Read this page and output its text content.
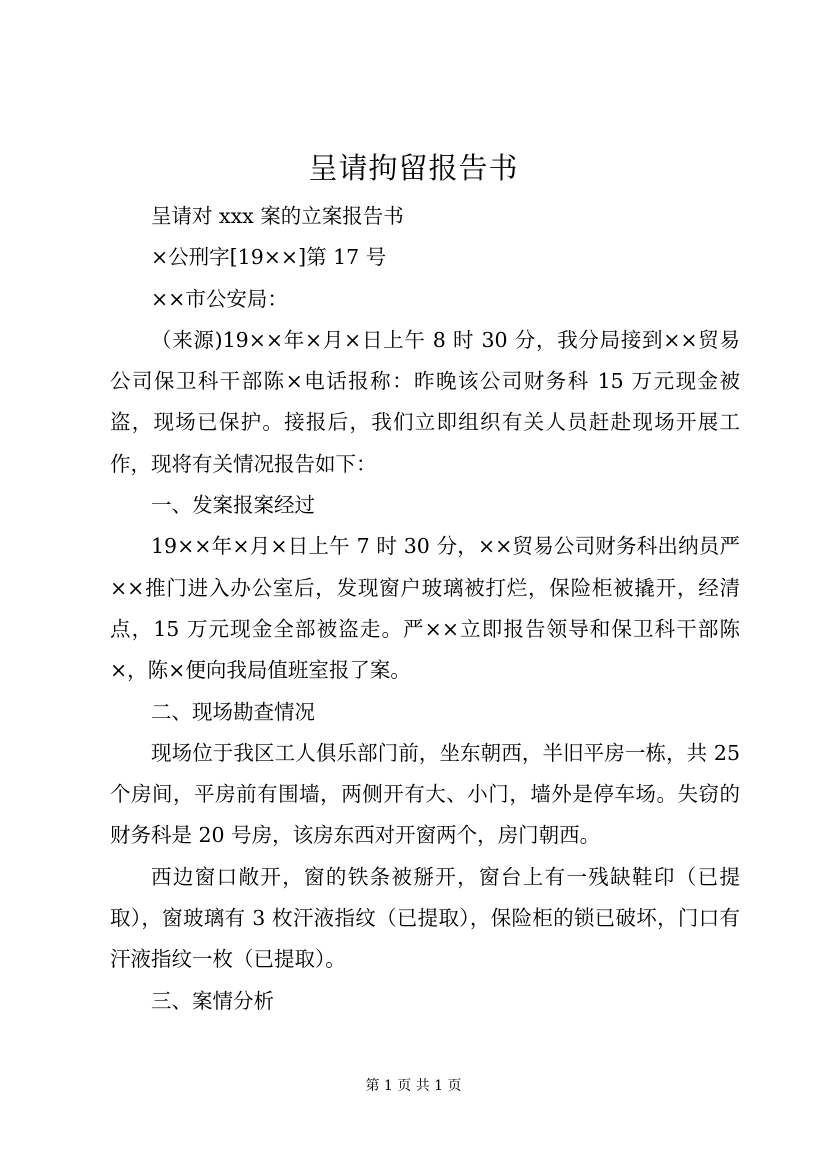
呈请拘留报告书

呈请对 xxx 案的立案报告书

×公刑字[19××]第 17 号

××市公安局：

（来源)19××年×月×日上午 8 时 30 分，我分局接到××贸易公司保卫科干部陈×电话报称：昨晚该公司财务科 15 万元现金被盗，现场已保护。接报后，我们立即组织有关人员赶赴现场开展工作，现将有关情况报告如下：

一、发案报案经过

19××年×月×日上午 7 时 30 分，××贸易公司财务科出纳员严××推门进入办公室后，发现窗户玻璃被打烂，保险柜被撬开，经清点，15 万元现金全部被盗走。严××立即报告领导和保卫科干部陈×，陈×便向我局值班室报了案。

二、现场勘查情况

现场位于我区工人俱乐部门前，坐东朝西，半旧平房一栋，共 25 个房间，平房前有围墙，两侧开有大、小门，墙外是停车场。失窃的财务科是 20 号房，该房东西对开窗两个，房门朝西。

西边窗口敞开，窗的铁条被掰开，窗台上有一残缺鞋印（已提取），窗玻璃有 3 枚汗液指纹（已提取），保险柜的锁已破坏，门口有汗液指纹一枚（已提取）。

三、案情分析

第 1 页 共 1 页
